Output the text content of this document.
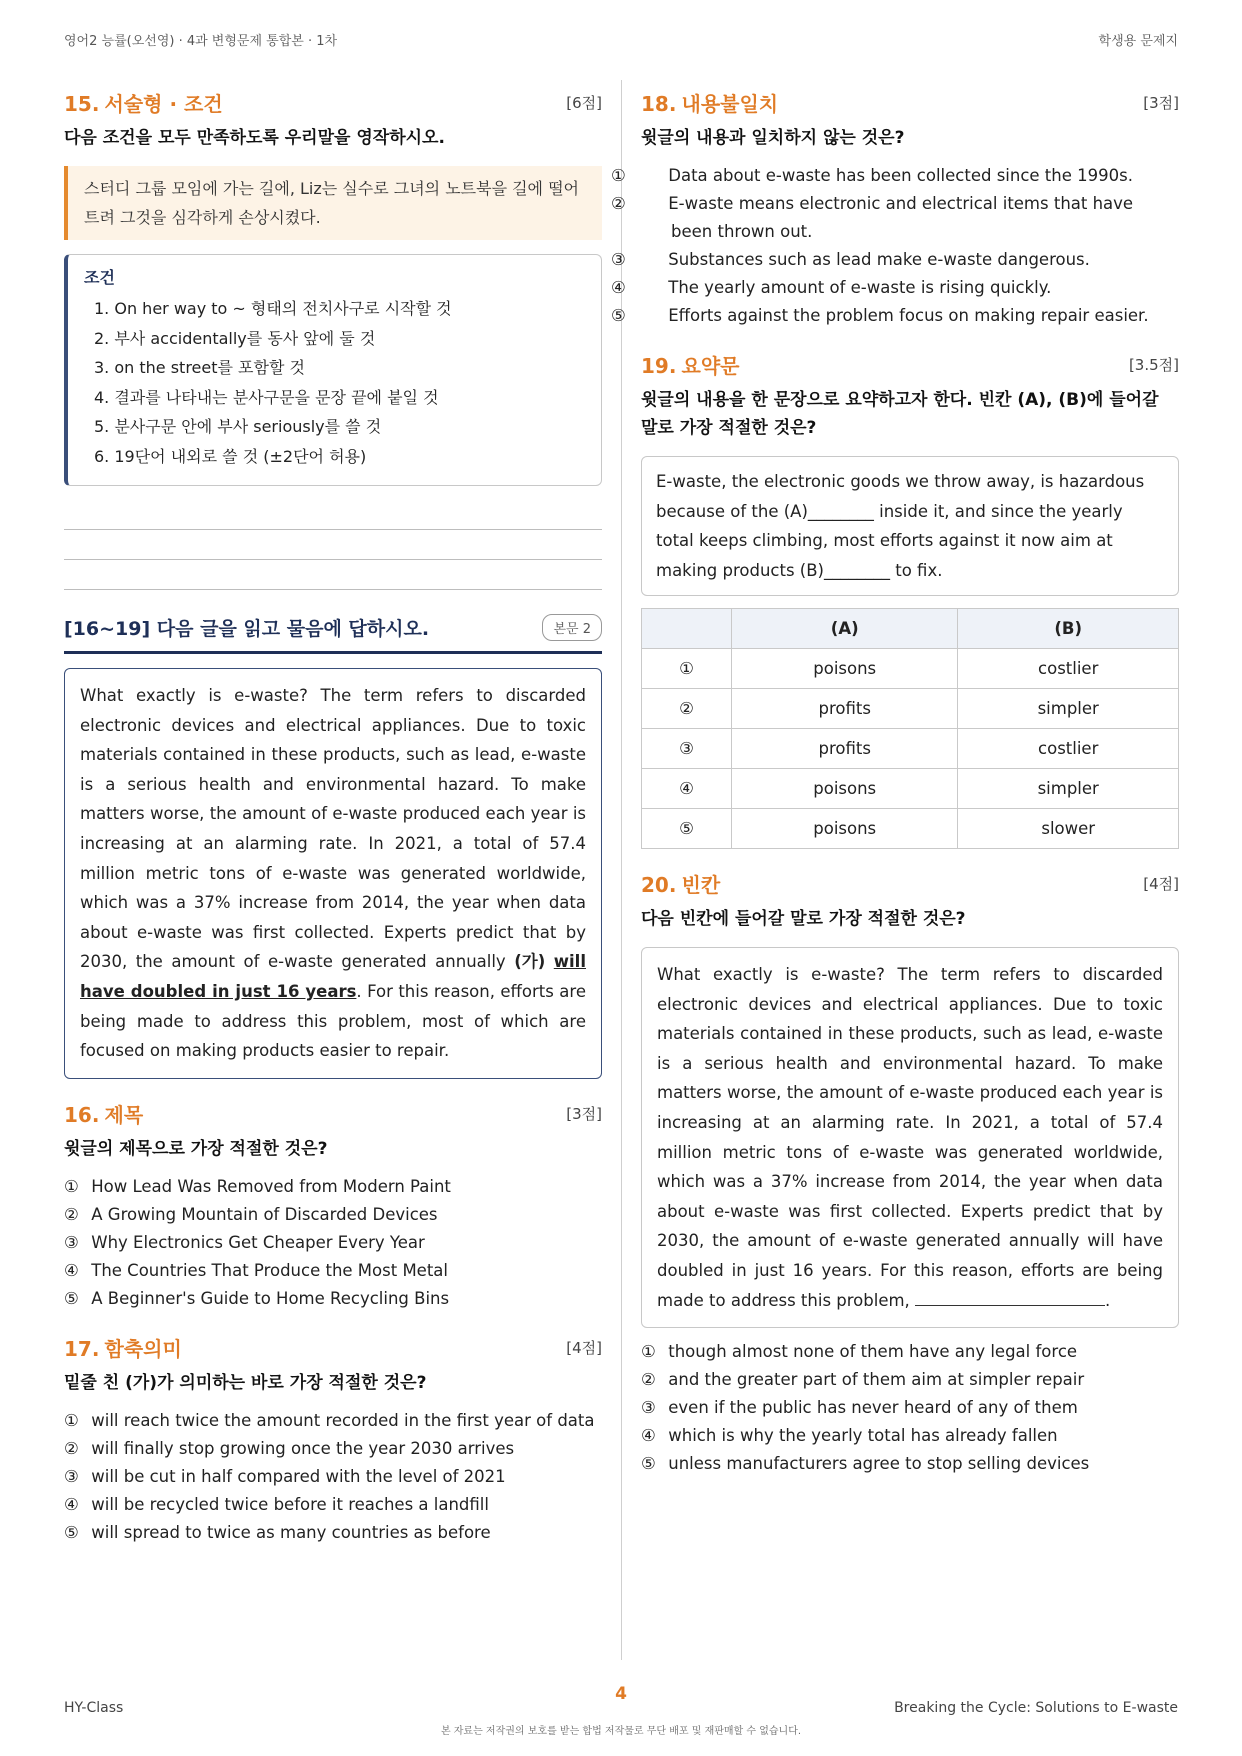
영어2 능률(오선영) · 4과 변형문제 통합본 · 1차	학생용 문제지
15. 서술형 · 조건	[6점]
다음 조건을 모두 만족하도록 우리말을 영작하시오.
스터디 그룹 모임에 가는 길에, Liz는 실수로 그녀의 노트북을 길에 떨어트려 그것을 심각하게 손상시켰다.
조건
1. On her way to ~ 형태의 전치사구로 시작할 것
2. 부사 accidentally를 동사 앞에 둘 것
3. on the street를 포함할 것
4. 결과를 나타내는 분사구문을 문장 끝에 붙일 것
5. 분사구문 안에 부사 seriously를 쓸 것
6. 19단어 내외로 쓸 것 (±2단어 허용)
[16~19] 다음 글을 읽고 물음에 답하시오.	본문 2
What exactly is e-waste? The term refers to discarded electronic devices and electrical appliances. Due to toxic materials contained in these products, such as lead, e-waste is a serious health and environmental hazard. To make matters worse, the amount of e-waste produced each year is increasing at an alarming rate. In 2021, a total of 57.4 million metric tons of e-waste was generated worldwide, which was a 37% increase from 2014, the year when data about e-waste was first collected. Experts predict that by 2030, the amount of e-waste generated annually (가) will have doubled in just 16 years. For this reason, efforts are being made to address this problem, most of which are focused on making products easier to repair.
16. 제목	[3점]
윗글의 제목으로 가장 적절한 것은?
① How Lead Was Removed from Modern Paint
② A Growing Mountain of Discarded Devices
③ Why Electronics Get Cheaper Every Year
④ The Countries That Produce the Most Metal
⑤ A Beginner's Guide to Home Recycling Bins
17. 함축의미	[4점]
밑줄 친 (가)가 의미하는 바로 가장 적절한 것은?
① will reach twice the amount recorded in the first year of data
② will finally stop growing once the year 2030 arrives
③ will be cut in half compared with the level of 2021
④ will be recycled twice before it reaches a landfill
⑤ will spread to twice as many countries as before
18. 내용불일치	[3점]
윗글의 내용과 일치하지 않는 것은?
①	Data about e-waste has been collected since the 1990s.
②	E-waste means electronic and electrical items that have been thrown out.
③	Substances such as lead make e-waste dangerous.
④	The yearly amount of e-waste is rising quickly.
⑤	Efforts against the problem focus on making repair easier.
19. 요약문	[3.5점]
윗글의 내용을 한 문장으로 요약하고자 한다. 빈칸 (A), (B)에 들어갈 말로 가장 적절한 것은?
E-waste, the electronic goods we throw away, is hazardous because of the (A)________ inside it, and since the yearly total keeps climbing, most efforts against it now aim at making products (B)________ to fix.
	(A)	(B)
①	poisons	costlier
②	profits	simpler
③	profits	costlier
④	poisons	simpler
⑤	poisons	slower
20. 빈칸	[4점]
다음 빈칸에 들어갈 말로 가장 적절한 것은?
What exactly is e-waste? The term refers to discarded electronic devices and electrical appliances. Due to toxic materials contained in these products, such as lead, e-waste is a serious health and environmental hazard. To make matters worse, the amount of e-waste produced each year is increasing at an alarming rate. In 2021, a total of 57.4 million metric tons of e-waste was generated worldwide, which was a 37% increase from 2014, the year when data about e-waste was first collected. Experts predict that by 2030, the amount of e-waste generated annually will have doubled in just 16 years. For this reason, efforts are being made to address this problem,	.
① though almost none of them have any legal force
② and the greater part of them aim at simpler repair
③ even if the public has never heard of any of them
④ which is why the yearly total has already fallen
⑤ unless manufacturers agree to stop selling devices
4
HY-Class	Breaking the Cycle: Solutions to E-waste
본 자료는 저작권의 보호를 받는 합법 저작물로 무단 배포 및 재판매할 수 없습니다.
